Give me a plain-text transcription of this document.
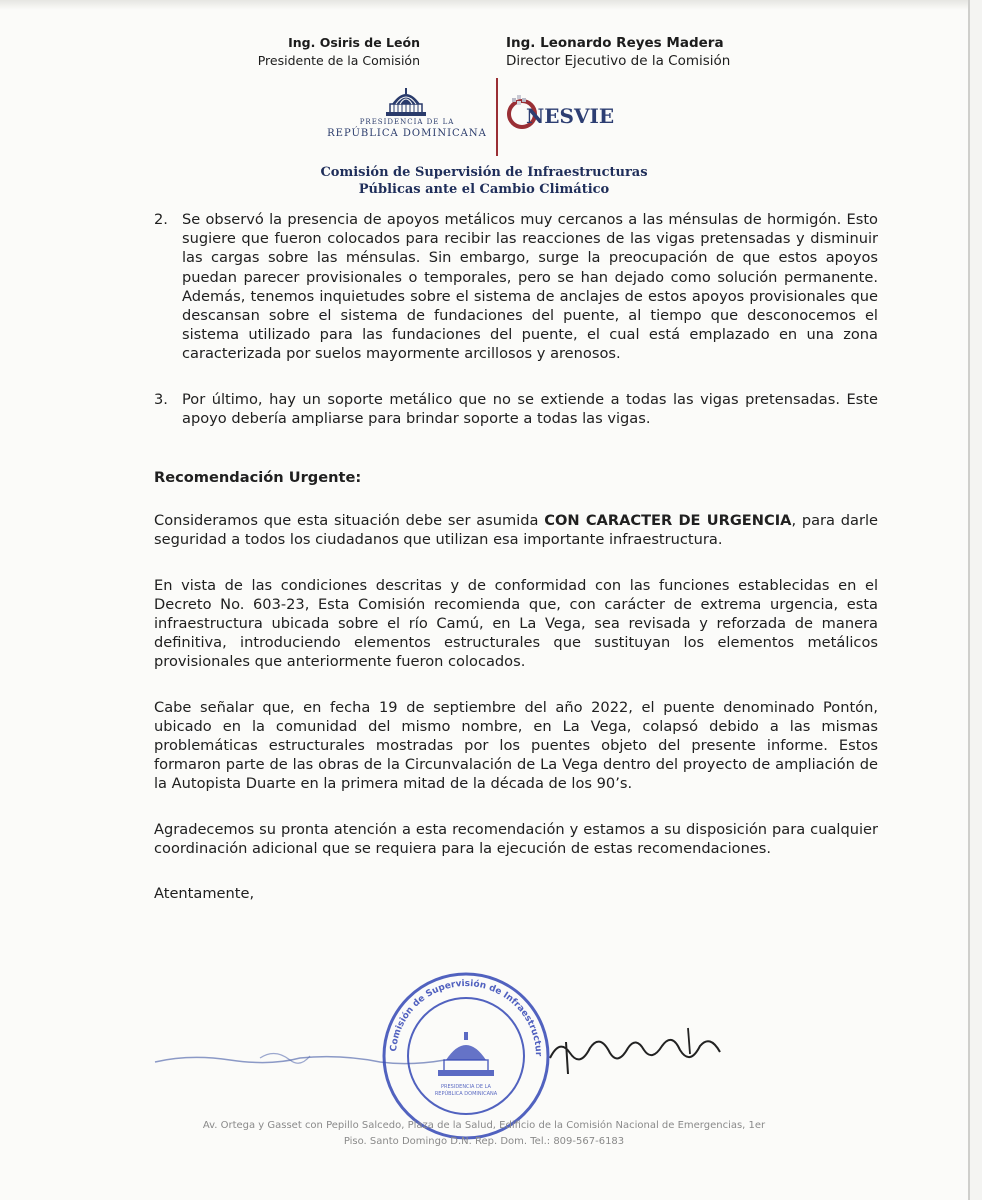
PRESIDENCIA DE LA
REPÚBLICA DOMINICANA
NESVIE
Comisión de Supervisión de Infraestructuras
Públicas ante el Cambio Climático
2. Se observó la presencia de apoyos metálicos muy cercanos a las ménsulas de hormigón. Esto sugiere que fueron colocados para recibir las reacciones de las vigas pretensadas y disminuir las cargas sobre las ménsulas. Sin embargo, surge la preocupación de que estos apoyos puedan parecer provisionales o temporales, pero se han dejado como solución permanente. Además, tenemos inquietudes sobre el sistema de anclajes de estos apoyos provisionales que descansan sobre el sistema de fundaciones del puente, al tiempo que desconocemos el sistema utilizado para las fundaciones del puente, el cual está emplazado en una zona caracterizada por suelos mayormente arcillosos y arenosos.
3. Por último, hay un soporte metálico que no se extiende a todas las vigas pretensadas. Este apoyo debería ampliarse para brindar soporte a todas las vigas.

Recomendación Urgente:

Consideramos que esta situación debe ser asumida CON CARACTER DE URGENCIA, para darle seguridad a todos los ciudadanos que utilizan esa importante infraestructura.

En vista de las condiciones descritas y de conformidad con las funciones establecidas en el Decreto No. 603-23, Esta Comisión recomienda que, con carácter de extrema urgencia, esta infraestructura ubicada sobre el río Camú, en La Vega, sea revisada y reforzada de manera definitiva, introduciendo elementos estructurales que sustituyan los elementos metálicos provisionales que anteriormente fueron colocados.

Cabe señalar que, en fecha 19 de septiembre del año 2022, el puente denominado Pontón, ubicado en la comunidad del mismo nombre, en La Vega, colapsó debido a las mismas problemáticas estructurales mostradas por los puentes objeto del presente informe. Estos formaron parte de las obras de la Circunvalación de La Vega dentro del proyecto de ampliación de la Autopista Duarte en la primera mitad de la década de los 90’s.

Agradecemos su pronta atención a esta recomendación y estamos a su disposición para cualquier coordinación adicional que se requiera para la ejecución de estas recomendaciones.

Atentamente,

PRESIDENCIA DE LA
REPÚBLICA DOMINICANA
Comisión de Supervisión de Infraestructur
Ing. Osiris de León
Presidente de la Comisión
Ing. Leonardo Reyes Madera
Director Ejecutivo de la Comisión
Av. Ortega y Gasset con Pepillo Salcedo, Plaza de la Salud, Edificio de la Comisión Nacional de Emergencias, 1er
Piso. Santo Domingo D.N. Rep. Dom. Tel.: 809-567-6183
